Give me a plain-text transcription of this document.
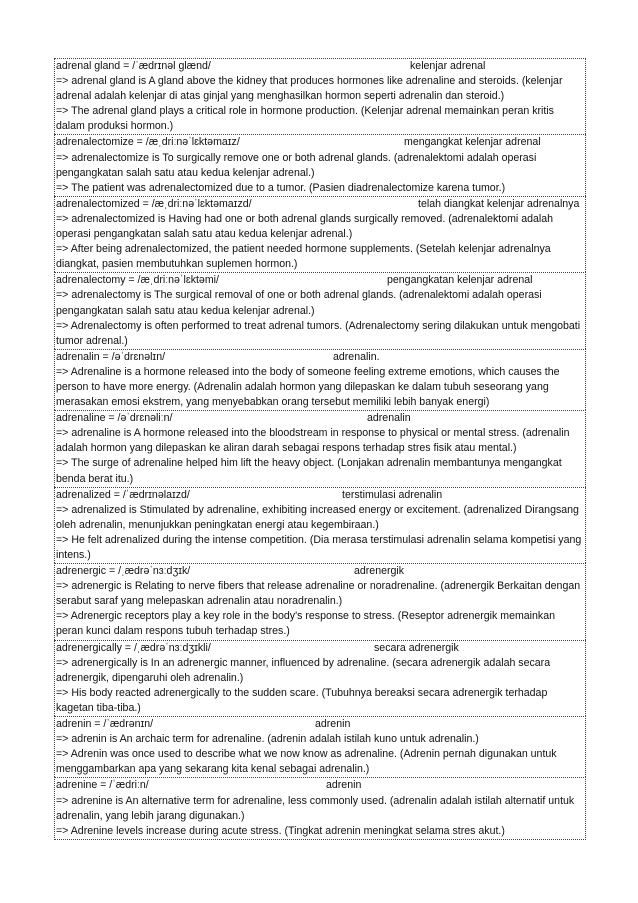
adrenal gland = /ˈædrɪnəl glænd/	kelenjar adrenal
=> adrenal gland is A gland above the kidney that produces hormones like adrenaline and steroids. (kelenjar adrenal adalah kelenjar di atas ginjal yang menghasilkan hormon seperti adrenalin dan steroid.)
=> The adrenal gland plays a critical role in hormone production. (Kelenjar adrenal memainkan peran kritis dalam produksi hormon.)
adrenalectomize = /æˌdriːnəˈlɛktəmaɪz/	mengangkat kelenjar adrenal
=> adrenalectomize is To surgically remove one or both adrenal glands. (adrenalektomi adalah operasi pengangkatan salah satu atau kedua kelenjar adrenal.)
=> The patient was adrenalectomized due to a tumor. (Pasien diadrenalectomize karena tumor.)
adrenalectomized = /æˌdriːnəˈlɛktəmaɪzd/	telah diangkat kelenjar adrenalnya
=> adrenalectomized is Having had one or both adrenal glands surgically removed. (adrenalektomi adalah operasi pengangkatan salah satu atau kedua kelenjar adrenal.)
=> After being adrenalectomized, the patient needed hormone supplements. (Setelah kelenjar adrenalnya diangkat, pasien membutuhkan suplemen hormon.)
adrenalectomy = /æˌdriːnəˈlɛktəmi/	pengangkatan kelenjar adrenal
=> adrenalectomy is The surgical removal of one or both adrenal glands. (adrenalektomi adalah operasi pengangkatan salah satu atau kedua kelenjar adrenal.)
=> Adrenalectomy is often performed to treat adrenal tumors. (Adrenalectomy sering dilakukan untuk mengobati tumor adrenal.)
adrenalin = /əˈdrɛnəlɪn/	adrenalin.
=> Adrenaline is a hormone released into the body of someone feeling extreme emotions, which causes the person to have more energy. (Adrenalin adalah hormon yang dilepaskan ke dalam tubuh seseorang yang merasakan emosi ekstrem, yang menyebabkan orang tersebut memiliki lebih banyak energi)
adrenaline = /əˈdrɛnəliːn/	adrenalin
=> adrenaline is A hormone released into the bloodstream in response to physical or mental stress. (adrenalin adalah hormon yang dilepaskan ke aliran darah sebagai respons terhadap stres fisik atau mental.)
=> The surge of adrenaline helped him lift the heavy object. (Lonjakan adrenalin membantunya mengangkat benda berat itu.)
adrenalized = /ˈædrɪnəlaɪzd/	terstimulasi adrenalin
=> adrenalized is Stimulated by adrenaline, exhibiting increased energy or excitement. (adrenalized Dirangsang oleh adrenalin, menunjukkan peningkatan energi atau kegembiraan.)
=> He felt adrenalized during the intense competition. (Dia merasa terstimulasi adrenalin selama kompetisi yang intens.)
adrenergic = /ˌædrəˈnɜːdʒɪk/	adrenergik
=> adrenergic is Relating to nerve fibers that release adrenaline or noradrenaline. (adrenergik Berkaitan dengan serabut saraf yang melepaskan adrenalin atau noradrenalin.)
=> Adrenergic receptors play a key role in the body's response to stress. (Reseptor adrenergik memainkan peran kunci dalam respons tubuh terhadap stres.)
adrenergically = /ˌædrəˈnɜːdʒɪkli/	secara adrenergik
=> adrenergically is In an adrenergic manner, influenced by adrenaline. (secara adrenergik adalah secara adrenergik, dipengaruhi oleh adrenalin.)
=> His body reacted adrenergically to the sudden scare. (Tubuhnya bereaksi secara adrenergik terhadap kagetan tiba-tiba.)
adrenin = /ˈædrənɪn/	adrenin
=> adrenin is An archaic term for adrenaline. (adrenin adalah istilah kuno untuk adrenalin.)
=> Adrenin was once used to describe what we now know as adrenaline. (Adrenin pernah digunakan untuk menggambarkan apa yang sekarang kita kenal sebagai adrenalin.)
adrenine = /ˈædriːn/	adrenin
=> adrenine is An alternative term for adrenaline, less commonly used. (adrenalin adalah istilah alternatif untuk adrenalin, yang lebih jarang digunakan.)
=> Adrenine levels increase during acute stress. (Tingkat adrenin meningkat selama stres akut.)
